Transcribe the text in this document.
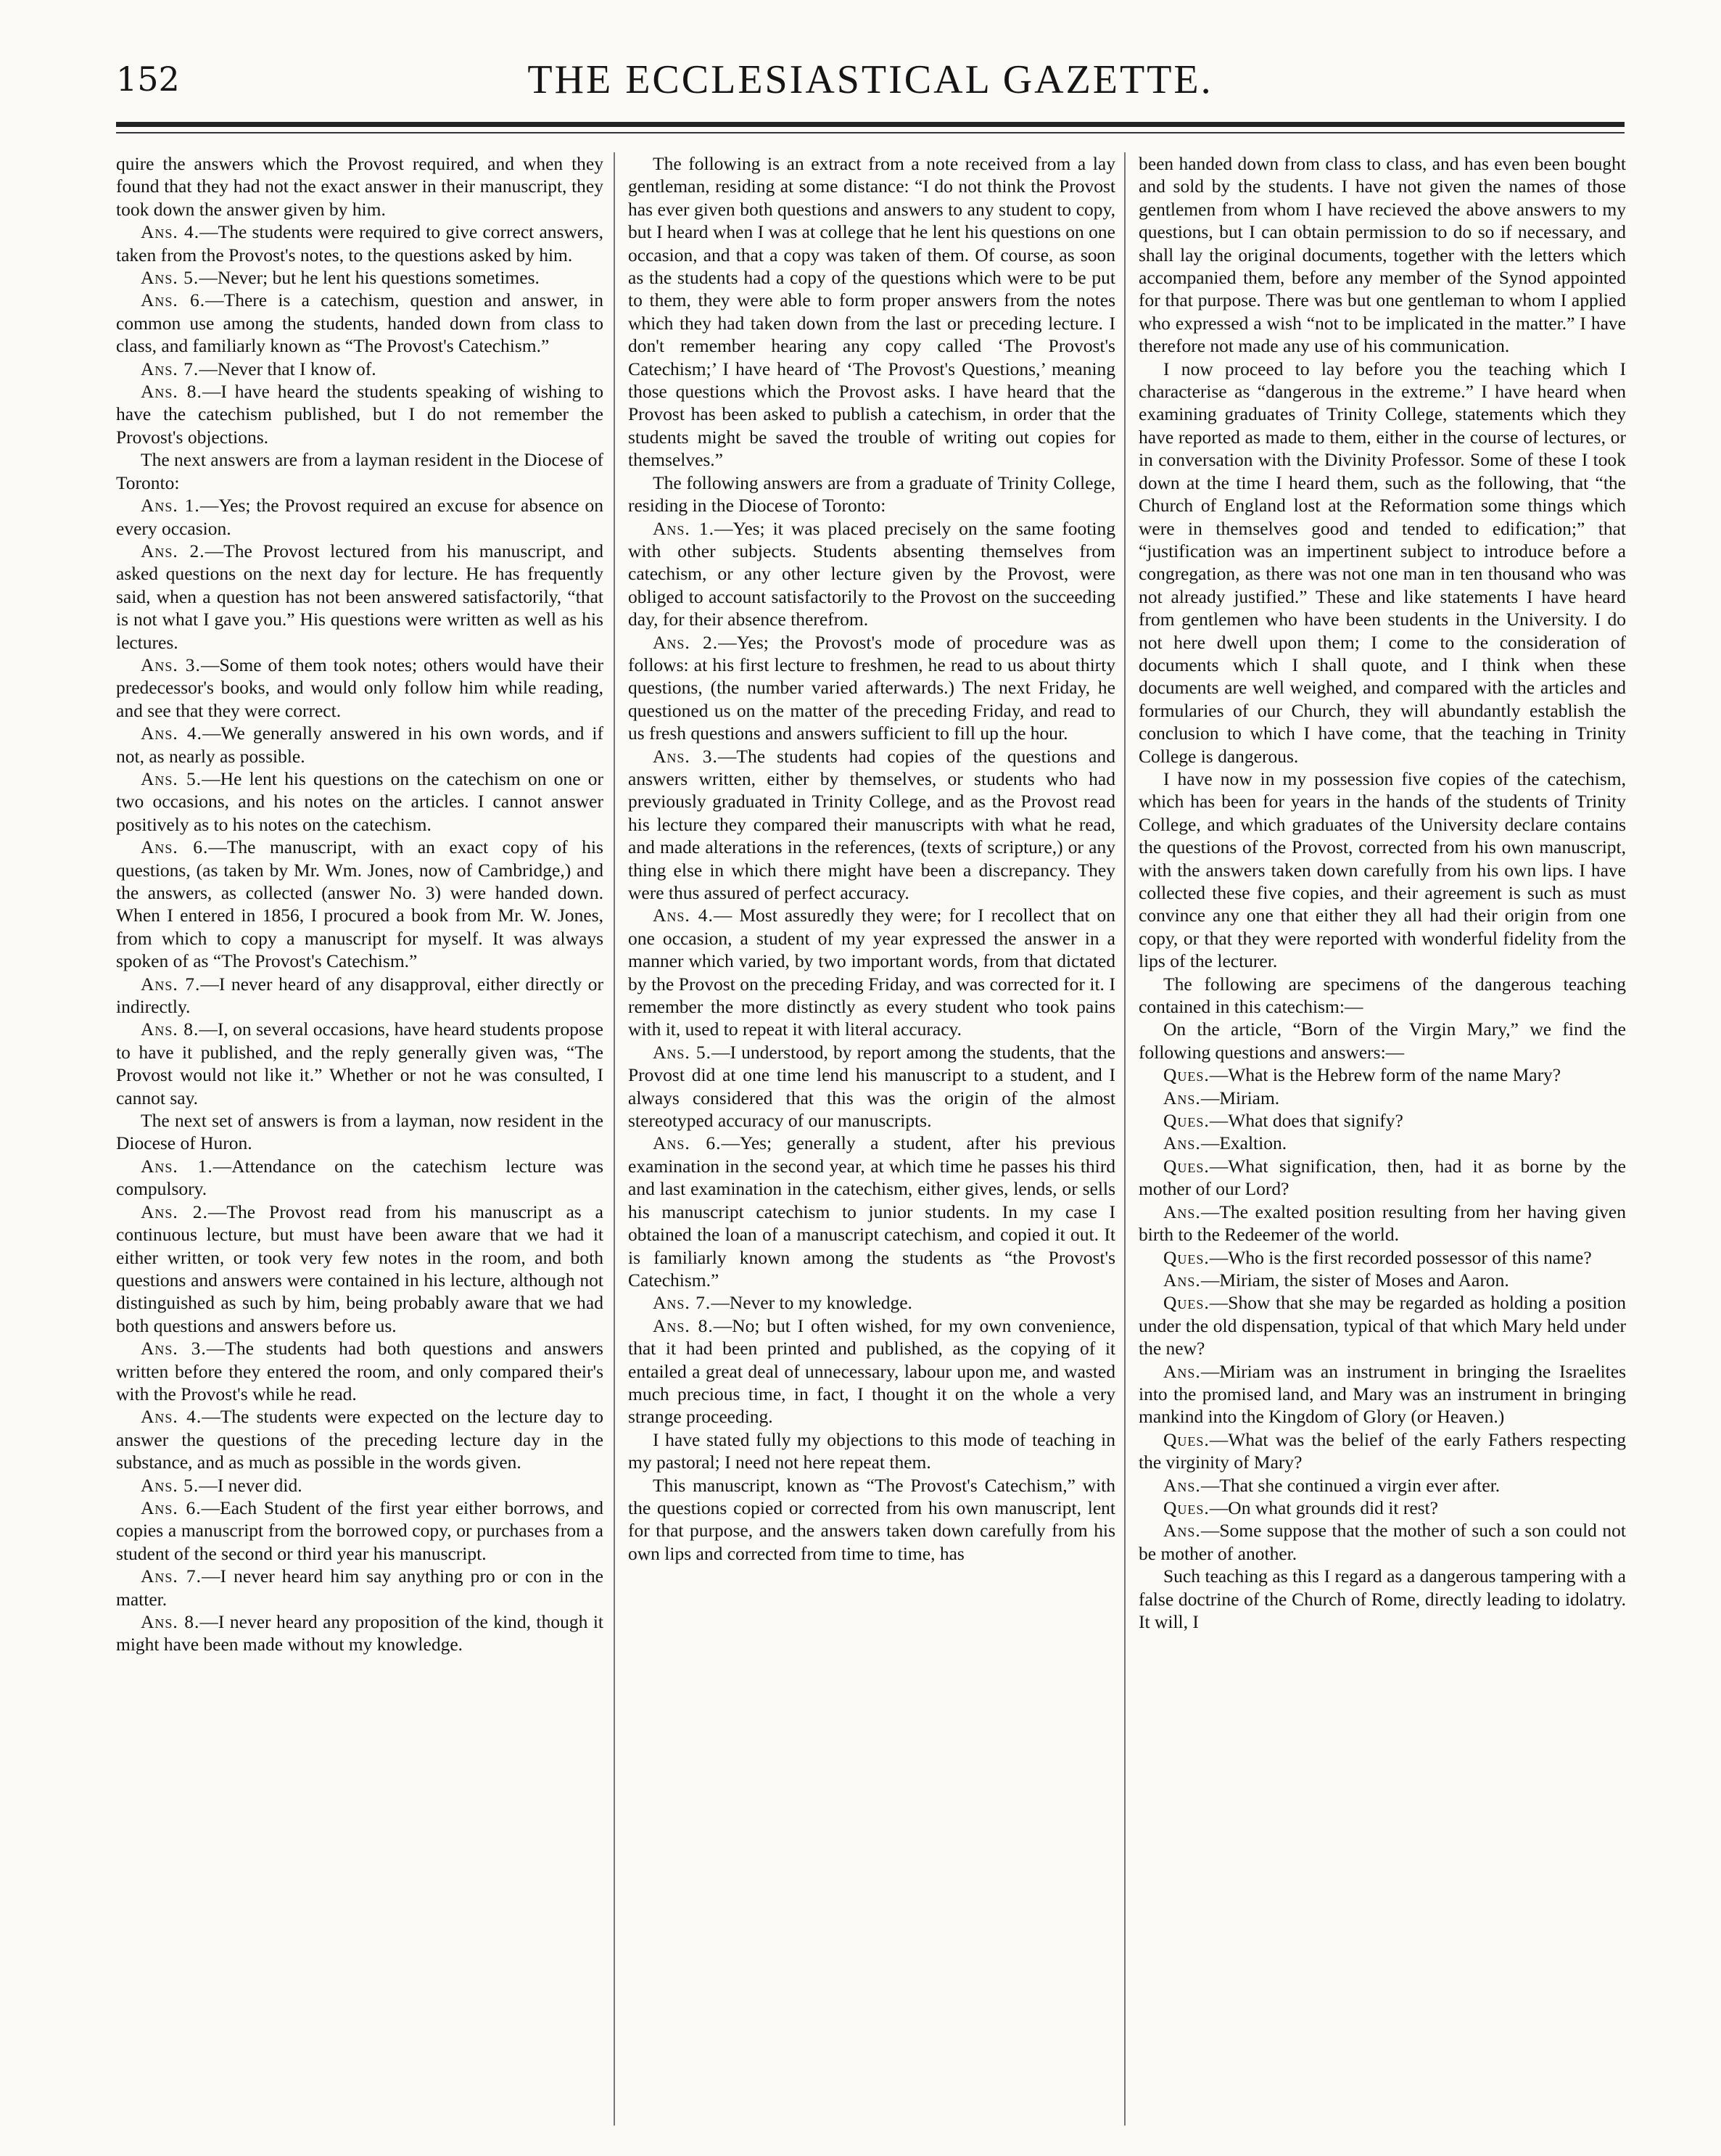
152	THE ECCLESIASTICAL GAZETTE.

quire the answers which the Provost required, and when they found that they had not the exact answer in their manuscript, they took down the answer given by him.

Ans. 4.—The students were required to give correct answers, taken from the Provost's notes, to the questions asked by him.

Ans. 5.—Never; but he lent his questions sometimes.

Ans. 6.—There is a catechism, question and answer, in common use among the students, handed down from class to class, and familiarly known as “The Provost's Catechism.”

Ans. 7.—Never that I know of.

Ans. 8.—I have heard the students speaking of wishing to have the catechism published, but I do not remember the Provost's objections.

The next answers are from a layman resident in the Diocese of Toronto:

Ans. 1.—Yes; the Provost required an excuse for absence on every occasion.

Ans. 2.—The Provost lectured from his manuscript, and asked questions on the next day for lecture. He has frequently said, when a question has not been answered satisfactorily, “that is not what I gave you.” His questions were written as well as his lectures.

Ans. 3.—Some of them took notes; others would have their predecessor's books, and would only follow him while reading, and see that they were correct.

Ans. 4.—We generally answered in his own words, and if not, as nearly as possible.

Ans. 5.—He lent his questions on the catechism on one or two occasions, and his notes on the articles. I cannot answer positively as to his notes on the catechism.

Ans. 6.—The manuscript, with an exact copy of his questions, (as taken by Mr. Wm. Jones, now of Cambridge,) and the answers, as collected (answer No. 3) were handed down. When I entered in 1856, I procured a book from Mr. W. Jones, from which to copy a manuscript for myself. It was always spoken of as “The Provost's Catechism.”

Ans. 7.—I never heard of any disapproval, either directly or indirectly.

Ans. 8.—I, on several occasions, have heard students propose to have it published, and the reply generally given was, “The Provost would not like it.” Whether or not he was consulted, I cannot say.

The next set of answers is from a layman, now resident in the Diocese of Huron.

Ans. 1.—Attendance on the catechism lecture was compulsory.

Ans. 2.—The Provost read from his manuscript as a continuous lecture, but must have been aware that we had it either written, or took very few notes in the room, and both questions and answers were contained in his lecture, although not distinguished as such by him, being probably aware that we had both questions and answers before us.

Ans. 3.—The students had both questions and answers written before they entered the room, and only compared their's with the Provost's while he read.

Ans. 4.—The students were expected on the lecture day to answer the questions of the preceding lecture day in the substance, and as much as possible in the words given.

Ans. 5.—I never did.

Ans. 6.—Each Student of the first year either borrows, and copies a manuscript from the borrowed copy, or purchases from a student of the second or third year his manuscript.

Ans. 7.—I never heard him say anything pro or con in the matter.

Ans. 8.—I never heard any proposition of the kind, though it might have been made without my knowledge.

The following is an extract from a note received from a lay gentleman, residing at some distance: “I do not think the Provost has ever given both questions and answers to any student to copy, but I heard when I was at college that he lent his questions on one occasion, and that a copy was taken of them. Of course, as soon as the students had a copy of the questions which were to be put to them, they were able to form proper answers from the notes which they had taken down from the last or preceding lecture. I don't remember hearing any copy called ‘The Provost's Catechism;’ I have heard of ‘The Provost's Questions,’ meaning those questions which the Provost asks. I have heard that the Provost has been asked to publish a catechism, in order that the students might be saved the trouble of writing out copies for themselves.”

The following answers are from a graduate of Trinity College, residing in the Diocese of Toronto:

Ans. 1.—Yes; it was placed precisely on the same footing with other subjects. Students absenting themselves from catechism, or any other lecture given by the Provost, were obliged to account satisfactorily to the Provost on the succeeding day, for their absence therefrom.

Ans. 2.—Yes; the Provost's mode of procedure was as follows: at his first lecture to freshmen, he read to us about thirty questions, (the number varied afterwards.) The next Friday, he questioned us on the matter of the preceding Friday, and read to us fresh questions and answers sufficient to fill up the hour.

Ans. 3.—The students had copies of the questions and answers written, either by themselves, or students who had previously graduated in Trinity College, and as the Provost read his lecture they compared their manuscripts with what he read, and made alterations in the references, (texts of scripture,) or any thing else in which there might have been a discrepancy. They were thus assured of perfect accuracy.

Ans. 4.— Most assuredly they were; for I recollect that on one occasion, a student of my year expressed the answer in a manner which varied, by two important words, from that dictated by the Provost on the preceding Friday, and was corrected for it. I remember the more distinctly as every student who took pains with it, used to repeat it with literal accuracy.

Ans. 5.—I understood, by report among the students, that the Provost did at one time lend his manuscript to a student, and I always considered that this was the origin of the almost stereotyped accuracy of our manuscripts.

Ans. 6.—Yes; generally a student, after his previous examination in the second year, at which time he passes his third and last examination in the catechism, either gives, lends, or sells his manuscript catechism to junior students. In my case I obtained the loan of a manuscript catechism, and copied it out. It is familiarly known among the students as “the Provost's Catechism.”

Ans. 7.—Never to my knowledge.

Ans. 8.—No; but I often wished, for my own convenience, that it had been printed and published, as the copying of it entailed a great deal of unnecessary, labour upon me, and wasted much precious time, in fact, I thought it on the whole a very strange proceeding.

I have stated fully my objections to this mode of teaching in my pastoral; I need not here repeat them.

This manuscript, known as “The Provost's Catechism,” with the questions copied or corrected from his own manuscript, lent for that purpose, and the answers taken down carefully from his own lips and corrected from time to time, has

been handed down from class to class, and has even been bought and sold by the students. I have not given the names of those gentlemen from whom I have recieved the above answers to my questions, but I can obtain permission to do so if necessary, and shall lay the original documents, together with the letters which accompanied them, before any member of the Synod appointed for that purpose. There was but one gentleman to whom I applied who expressed a wish “not to be implicated in the matter.” I have therefore not made any use of his communication.

I now proceed to lay before you the teaching which I characterise as “dangerous in the extreme.” I have heard when examining graduates of Trinity College, statements which they have reported as made to them, either in the course of lectures, or in conversation with the Divinity Professor. Some of these I took down at the time I heard them, such as the following, that “the Church of England lost at the Reformation some things which were in themselves good and tended to edification;” that “justification was an impertinent subject to introduce before a congregation, as there was not one man in ten thousand who was not already justified.” These and like statements I have heard from gentlemen who have been students in the University. I do not here dwell upon them; I come to the consideration of documents which I shall quote, and I think when these documents are well weighed, and compared with the articles and formularies of our Church, they will abundantly establish the conclusion to which I have come, that the teaching in Trinity College is dangerous.

I have now in my possession five copies of the catechism, which has been for years in the hands of the students of Trinity College, and which graduates of the University declare contains the questions of the Provost, corrected from his own manuscript, with the answers taken down carefully from his own lips. I have collected these five copies, and their agreement is such as must convince any one that either they all had their origin from one copy, or that they were reported with wonderful fidelity from the lips of the lecturer.

The following are specimens of the dangerous teaching contained in this catechism:—

On the article, “Born of the Virgin Mary,” we find the following questions and answers:—

Ques.—What is the Hebrew form of the name Mary?

Ans.—Miriam.

Ques.—What does that signify?

Ans.—Exaltion.

Ques.—What signification, then, had it as borne by the mother of our Lord?

Ans.—The exalted position resulting from her having given birth to the Redeemer of the world.

Ques.—Who is the first recorded possessor of this name?

Ans.—Miriam, the sister of Moses and Aaron.

Ques.—Show that she may be regarded as holding a position under the old dispensation, typical of that which Mary held under the new?

Ans.—Miriam was an instrument in bringing the Israelites into the promised land, and Mary was an instrument in bringing mankind into the Kingdom of Glory (or Heaven.)

Ques.—What was the belief of the early Fathers respecting the virginity of Mary?

Ans.—That she continued a virgin ever after.

Ques.—On what grounds did it rest?

Ans.—Some suppose that the mother of such a son could not be mother of another.

Such teaching as this I regard as a dangerous tampering with a false doctrine of the Church of Rome, directly leading to idolatry. It will, I
